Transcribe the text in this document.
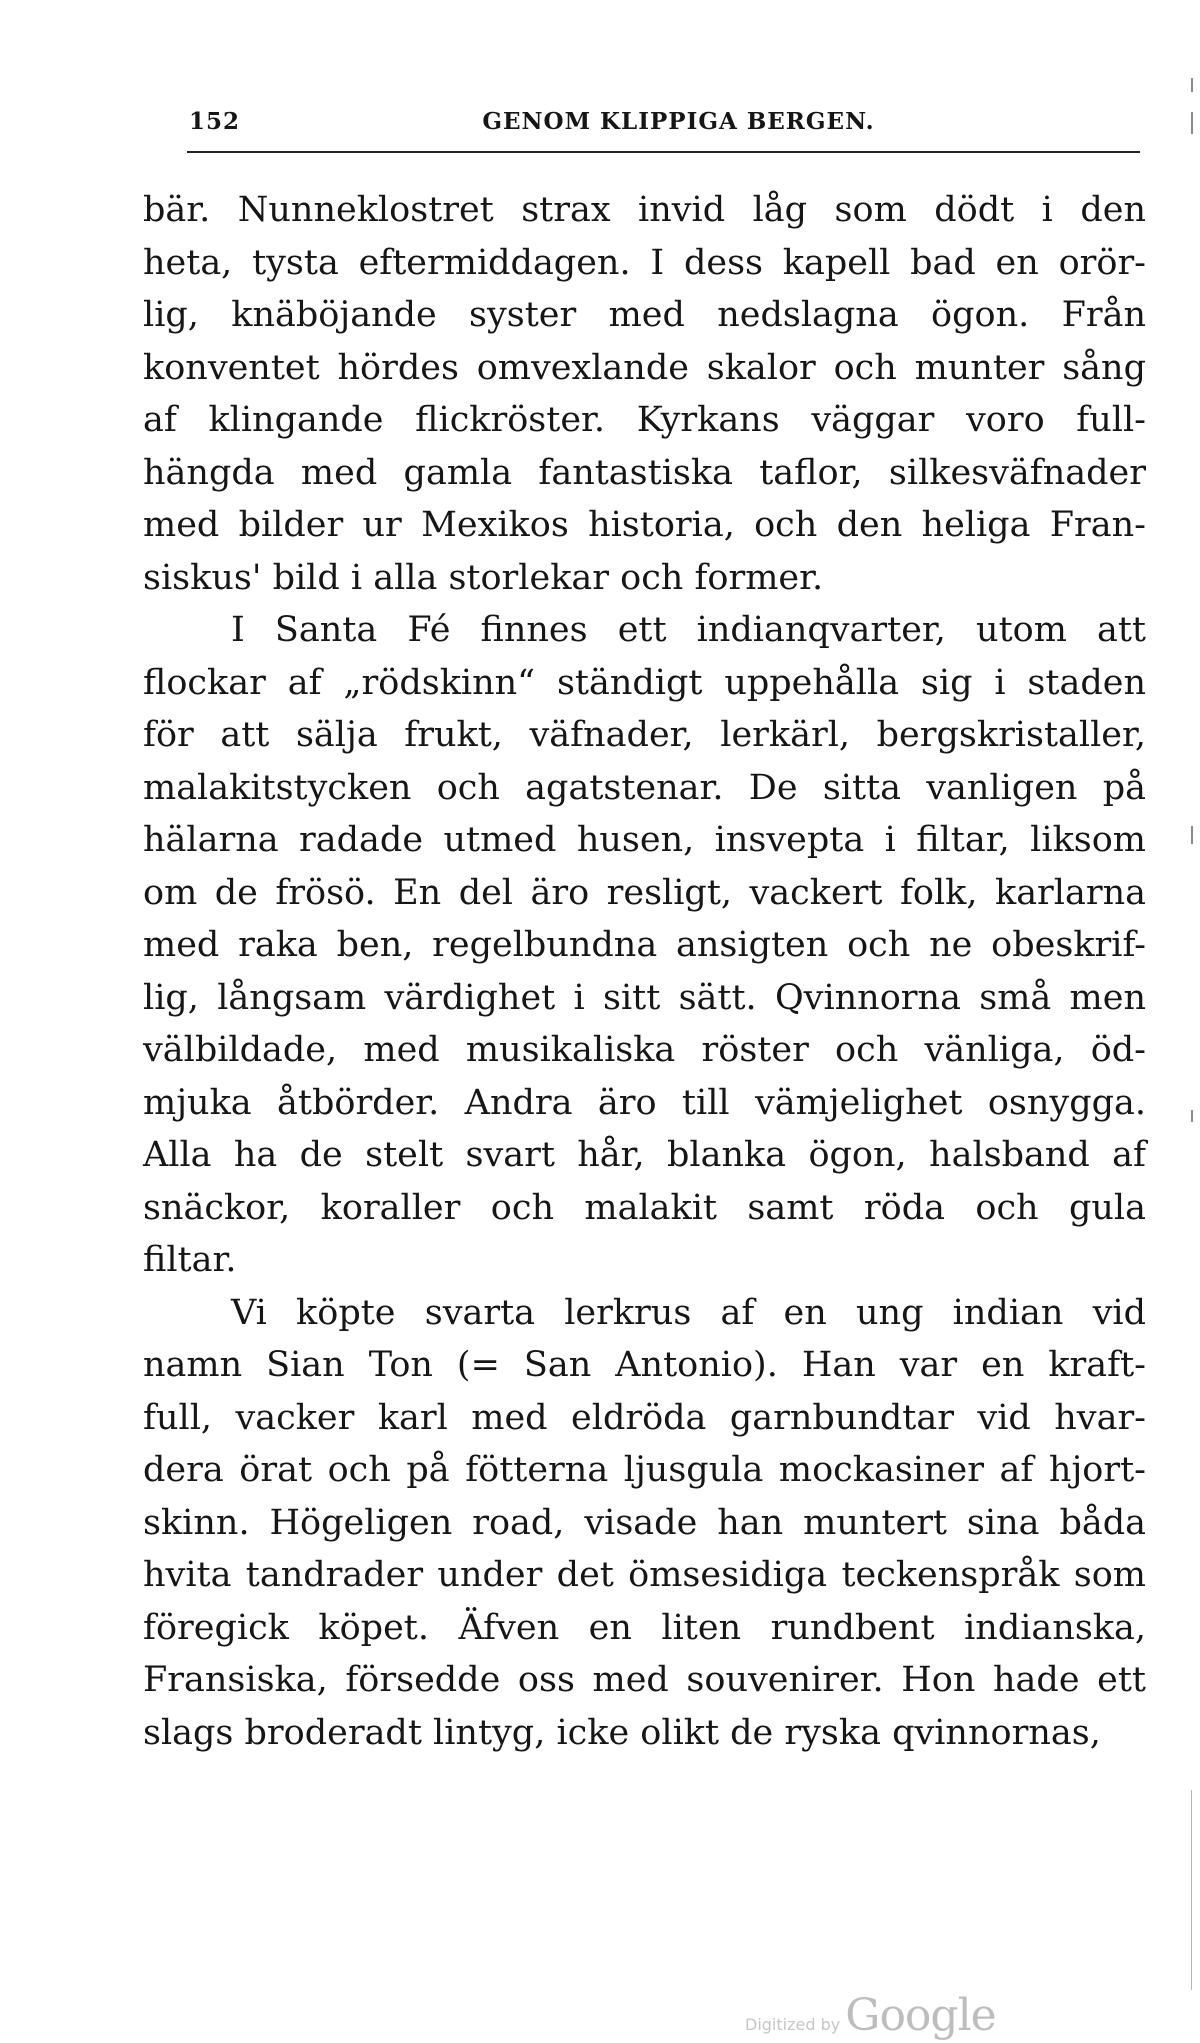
152	GENOM KLIPPIGA BERGEN.
bär. Nunneklostret strax invid låg som dödt i den
heta, tysta eftermiddagen. I dess kapell bad en orör-
lig, knäböjande syster med nedslagna ögon. Från
konventet hördes omvexlande skalor och munter sång
af klingande flickröster. Kyrkans väggar voro full-
hängda med gamla fantastiska taflor, silkesväfnader
med bilder ur Mexikos historia, och den heliga Fran-
siskus' bild i alla storlekar och former.
I Santa Fé finnes ett indianqvarter, utom att
flockar af „rödskinn“ ständigt uppehålla sig i staden
för att sälja frukt, väfnader, lerkärl, bergskristaller,
malakitstycken och agatstenar. De sitta vanligen på
hälarna radade utmed husen, insvepta i filtar, liksom
om de frösö. En del äro resligt, vackert folk, karlarna
med raka ben, regelbundna ansigten och ne obeskrif-
lig, långsam värdighet i sitt sätt. Qvinnorna små men
välbildade, med musikaliska röster och vänliga, öd-
mjuka åtbörder. Andra äro till vämjelighet osnygga.
Alla ha de stelt svart hår, blanka ögon, halsband af
snäckor, koraller och malakit samt röda och gula
filtar.
Vi köpte svarta lerkrus af en ung indian vid
namn Sian Ton (= San Antonio). Han var en kraft-
full, vacker karl med eldröda garnbundtar vid hvar-
dera örat och på fötterna ljusgula mockasiner af hjort-
skinn. Högeligen road, visade han muntert sina båda
hvita tandrader under det ömsesidiga teckenspråk som
föregick köpet. Äfven en liten rundbent indianska,
Fransiska, försedde oss med souvenirer. Hon hade ett
slags broderadt lintyg, icke olikt de ryska qvinnornas,
Digitized by Google
